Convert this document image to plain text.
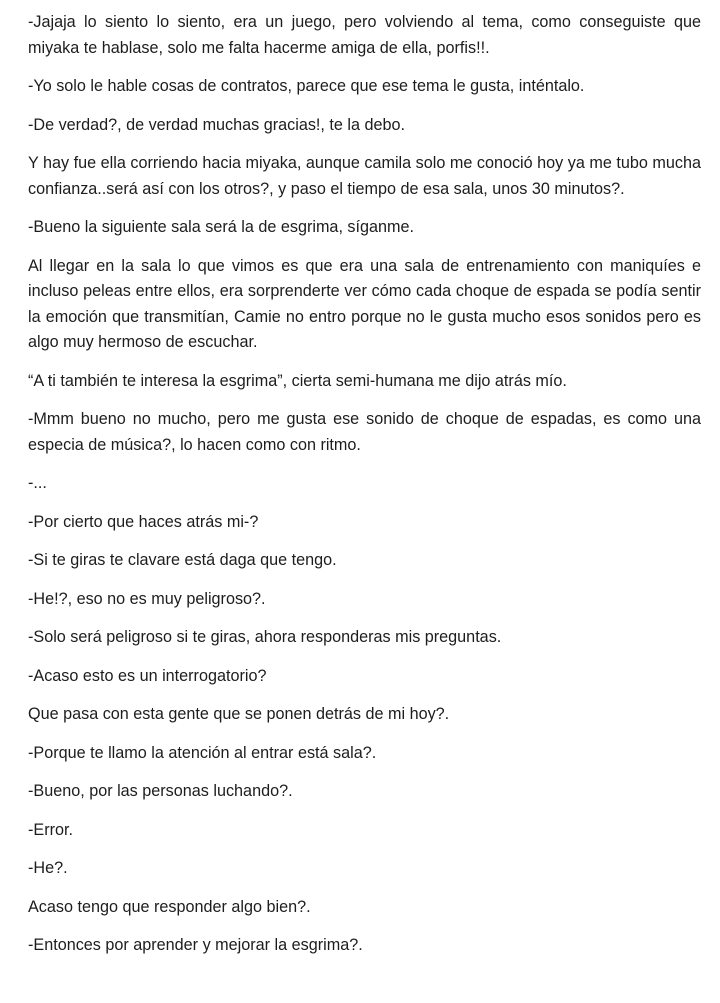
-Jajaja lo siento lo siento, era un juego, pero volviendo al tema, como conseguiste que miyaka te hablase, solo me falta hacerme amiga de ella, porfis!!.

-Yo solo le hable cosas de contratos, parece que ese tema le gusta, inténtalo.

-De verdad?, de verdad muchas gracias!, te la debo.

Y hay fue ella corriendo hacia miyaka, aunque camila solo me conoció hoy ya me tubo mucha confianza..será así con los otros?, y paso el tiempo de esa sala, unos 30 minutos?.

-Bueno la siguiente sala será la de esgrima, síganme.

Al llegar en la sala lo que vimos es que era una sala de entrenamiento con maniquíes e incluso peleas entre ellos, era sorprenderte ver cómo cada choque de espada se podía sentir la emoción que transmitían, Camie no entro porque no le gusta mucho esos sonidos pero es algo muy hermoso de escuchar.

“A ti también te interesa la esgrima”, cierta semi-humana me dijo atrás mío.

-Mmm bueno no mucho, pero me gusta ese sonido de choque de espadas, es como una especia de música?, lo hacen como con ritmo.

-...

-Por cierto que haces atrás mi-?

-Si te giras te clavare está daga que tengo.

-He!?, eso no es muy peligroso?.

-Solo será peligroso si te giras, ahora responderas mis preguntas.

-Acaso esto es un interrogatorio?

Que pasa con esta gente que se ponen detrás de mi hoy?.

-Porque te llamo la atención al entrar está sala?.

-Bueno, por las personas luchando?.

-Error.

-He?.

Acaso tengo que responder algo bien?.

-Entonces por aprender y mejorar la esgrima?.
